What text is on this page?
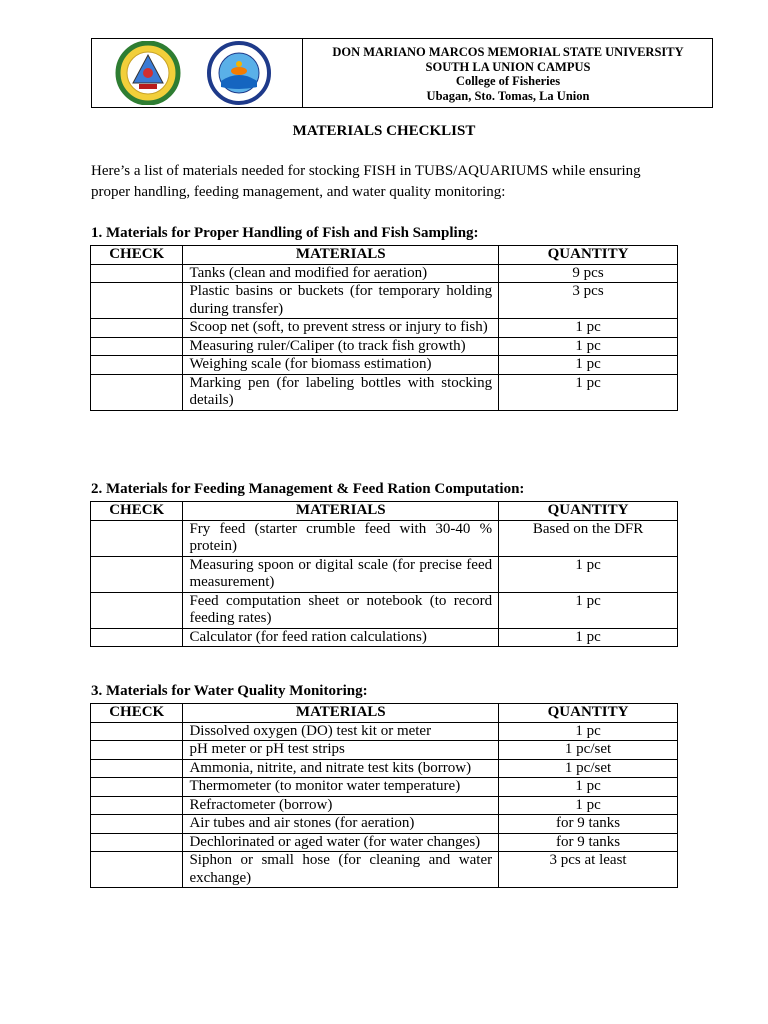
DON MARIANO MARCOS MEMORIAL STATE UNIVERSITY
SOUTH LA UNION CAMPUS
College of Fisheries
Ubagan, Sto. Tomas, La Union
MATERIALS CHECKLIST
Here’s a list of materials needed for stocking FISH in TUBS/AQUARIUMS while ensuring proper handling, feeding management, and water quality monitoring:
1. Materials for Proper Handling of Fish and Fish Sampling:
CHECK	MATERIALS	QUANTITY
	Tanks (clean and modified for aeration)	9 pcs
	Plastic basins or buckets (for temporary holding during transfer)	3 pcs
	Scoop net (soft, to prevent stress or injury to fish)	1 pc
	Measuring ruler/Caliper (to track fish growth)	1 pc
	Weighing scale (for biomass estimation)	1 pc
	Marking pen (for labeling bottles with stocking details)	1 pc
2. Materials for Feeding Management & Feed Ration Computation:
CHECK	MATERIALS	QUANTITY
	Fry feed (starter crumble feed with 30-40 % protein)	Based on the DFR
	Measuring spoon or digital scale (for precise feed measurement)	1 pc
	Feed computation sheet or notebook (to record feeding rates)	1 pc
	Calculator (for feed ration calculations)	1 pc
3. Materials for Water Quality Monitoring:
CHECK	MATERIALS	QUANTITY
	Dissolved oxygen (DO) test kit or meter	1 pc
	pH meter or pH test strips	1 pc/set
	Ammonia, nitrite, and nitrate test kits (borrow)	1 pc/set
	Thermometer (to monitor water temperature)	1 pc
	Refractometer (borrow)	1 pc
	Air tubes and air stones (for aeration)	for 9 tanks
	Dechlorinated or aged water (for water changes)	for 9 tanks
	Siphon or small hose (for cleaning and water exchange)	3 pcs at least
